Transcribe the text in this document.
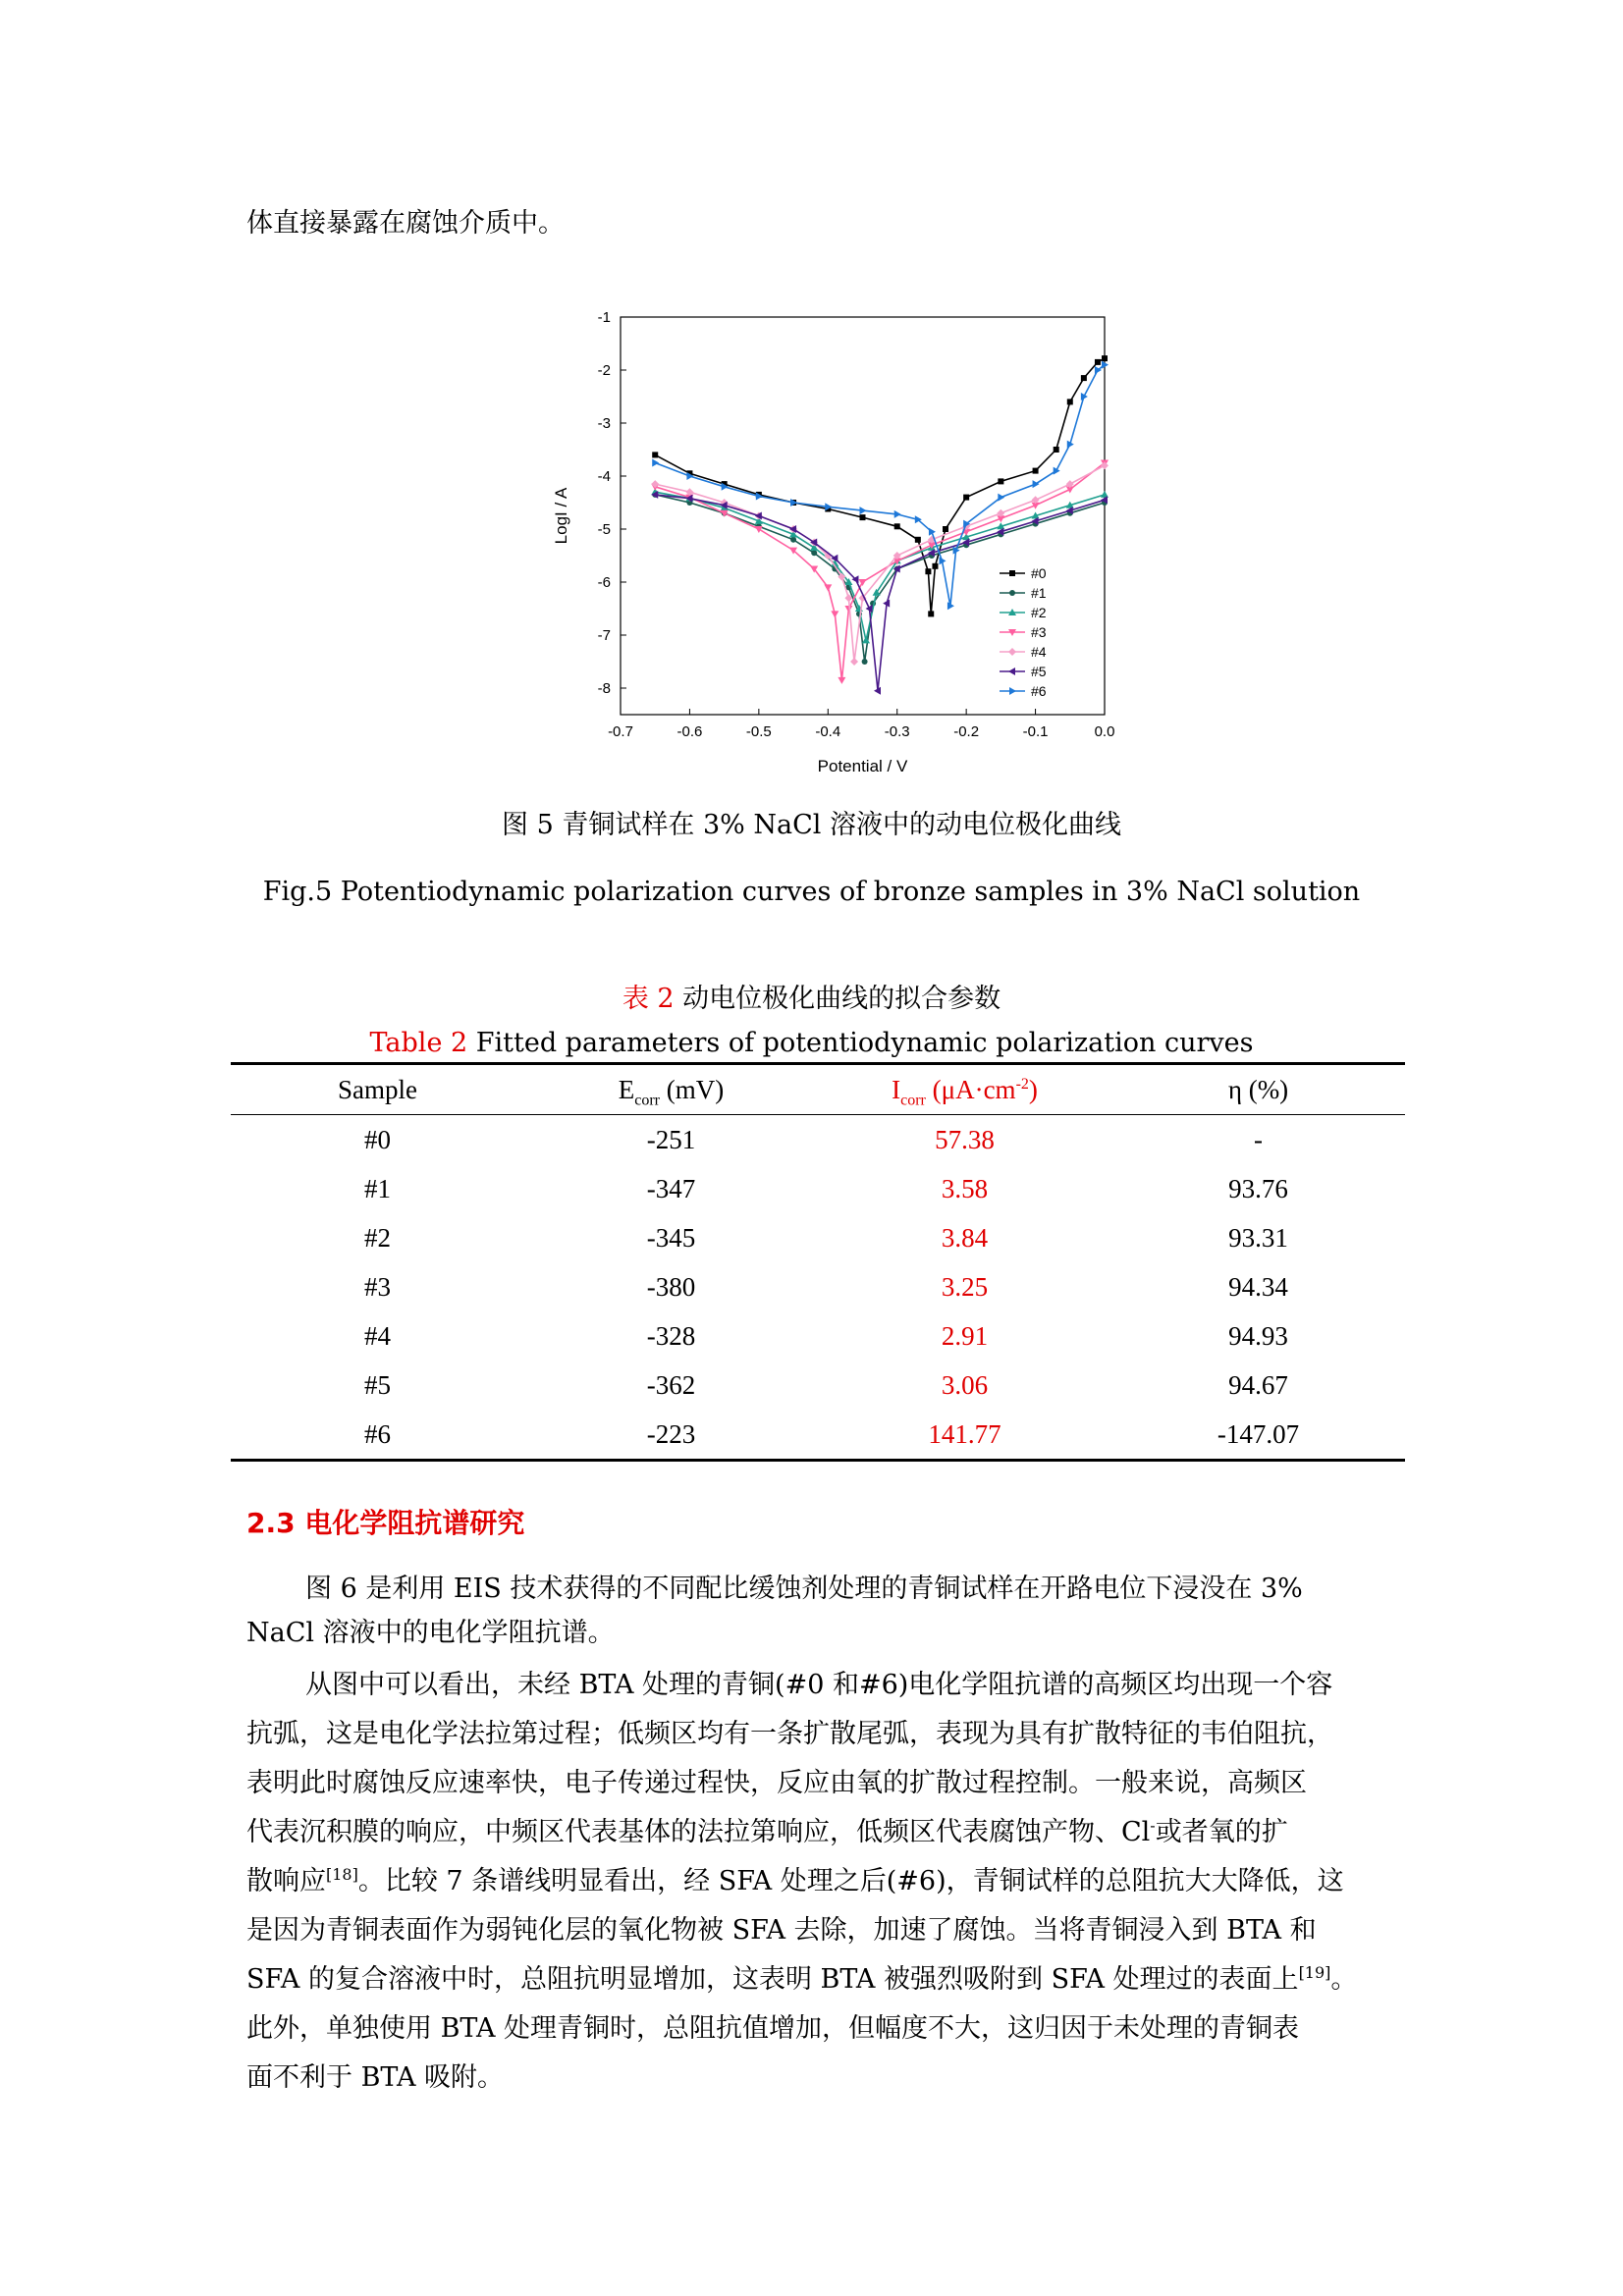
体直接暴露在腐蚀介质中。
-0.7	-0.6	-0.5	-0.4	-0.3	-0.2	-0.1	0.0
-1
-2
-3
-4
-5
-6
-7
-8
Potential / V
LogI / A
#0
#1
#2
#3
#4
#5
#6
图 5 青铜试样在 3% NaCl 溶液中的动电位极化曲线
Fig.5 Potentiodynamic polarization curves of bronze samples in 3% NaCl solution
表 2 动电位极化曲线的拟合参数
Table 2 Fitted parameters of potentiodynamic polarization curves
Sample	$E_{corr}$ (mV)	$I_{corr}$ $(\mu A\cdot cm^{-2})$	η (%)
#0	-251	57.38	-
#1	-347	3.58	93.76
#2	-345	3.84	93.31
#3	-380	3.25	94.34
#4	-328	2.91	94.93
#5	-362	3.06	94.67
#6	-223	141.77	-147.07
2.3 电化学阻抗谱研究
图 6 是利用 EIS 技术获得的不同配比缓蚀剂处理的青铜试样在开路电位下浸没在 3%
NaCl 溶液中的电化学阻抗谱。
从图中可以看出，未经 BTA 处理的青铜(#0 和#6)电化学阻抗谱的高频区均出现一个容
抗弧，这是电化学法拉第过程；低频区均有一条扩散尾弧，表现为具有扩散特征的韦伯阻抗，
表明此时腐蚀反应速率快，电子传递过程快，反应由氧的扩散过程控制。一般来说，高频区
代表沉积膜的响应，中频区代表基体的法拉第响应，低频区代表腐蚀产物、Cl-或者氧的扩
散响应[18]。比较 7 条谱线明显看出，经 SFA 处理之后(#6)，青铜试样的总阻抗大大降低，这
是因为青铜表面作为弱钝化层的氧化物被 SFA 去除，加速了腐蚀。当将青铜浸入到 BTA 和
SFA 的复合溶液中时，总阻抗明显增加，这表明 BTA 被强烈吸附到 SFA 处理过的表面上[19]。
此外，单独使用 BTA 处理青铜时，总阻抗值增加，但幅度不大，这归因于未处理的青铜表
面不利于 BTA 吸附。
